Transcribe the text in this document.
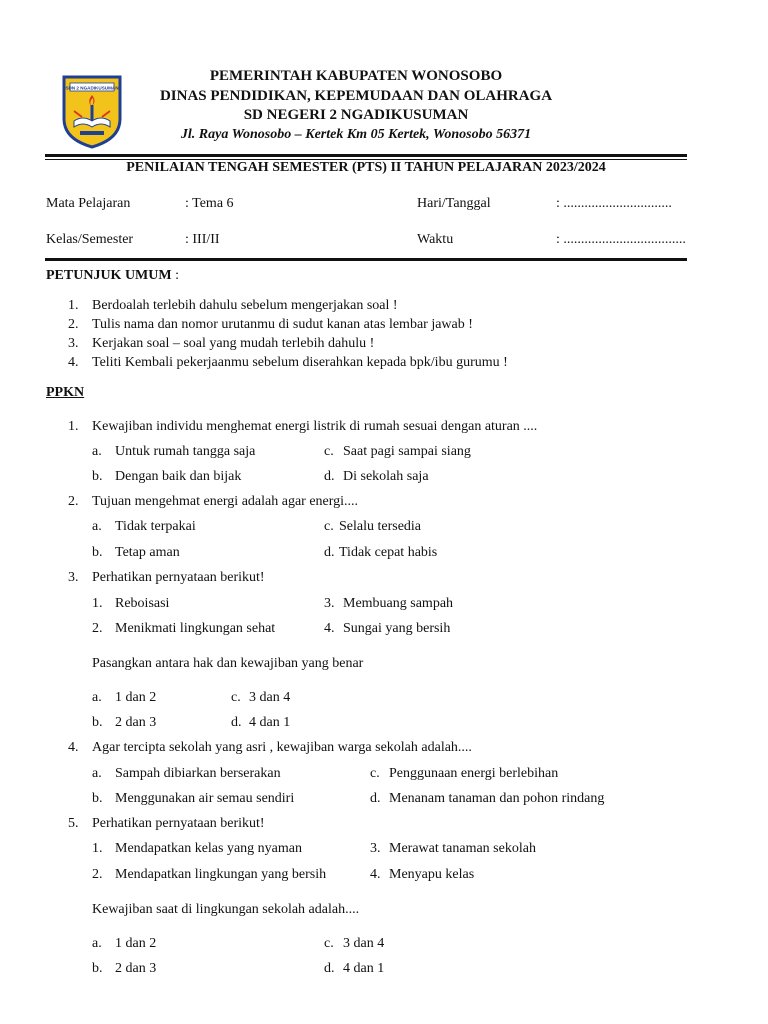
SDN 2 NGADIKUSUMAN
PEMERINTAH KABUPATEN WONOSOBO
DINAS PENDIDIKAN, KEPEMUDAAN DAN OLAHRAGA
SD NEGERI 2 NGADIKUSUMAN
Jl. Raya Wonosobo – Kertek Km 05 Kertek, Wonosobo 56371
PENILAIAN TENGAH SEMESTER (PTS) II TAHUN PELAJARAN 2023/2024
Mata Pelajaran	: Tema 6	Hari/Tanggal	: ...............................
Kelas/Semester	: III/II	Waktu	: ...................................
PETUNJUK UMUM :
1. Berdoalah terlebih dahulu sebelum mengerjakan soal !
2. Tulis nama dan nomor urutanmu di sudut kanan atas lembar jawab !
3. Kerjakan soal – soal yang mudah terlebih dahulu !
4. Teliti Kembali pekerjaanmu sebelum diserahkan kepada bpk/ibu gurumu !
PPKN
1. Kewajiban individu menghemat energi listrik di rumah sesuai dengan aturan ....
a. Untuk rumah tangga saja
b. Dengan baik dan bijak
c. Saat pagi sampai siang
d. Di sekolah saja
2. Tujuan mengehmat energi adalah agar energi....
a. Tidak terpakai
b. Tetap aman
c. Selalu tersedia
d. Tidak cepat habis
3. Perhatikan pernyataan berikut!
1. Reboisasi
2. Menikmati lingkungan sehat
3. Membuang sampah
4. Sungai yang bersih
Pasangkan antara hak dan kewajiban yang benar
a. 1 dan 2
b. 2 dan 3
c. 3 dan 4
d. 4 dan 1
4. Agar tercipta sekolah yang asri , kewajiban warga sekolah adalah....
a. Sampah dibiarkan berserakan
b. Menggunakan air semau sendiri
c. Penggunaan energi berlebihan
d. Menanam tanaman dan pohon rindang
5. Perhatikan pernyataan berikut!
1. Mendapatkan kelas yang nyaman
2. Mendapatkan lingkungan yang bersih
3. Merawat tanaman sekolah
4. Menyapu kelas
Kewajiban saat di lingkungan sekolah adalah....
a. 1 dan 2
b. 2 dan 3
c. 3 dan 4
d. 4 dan 1
